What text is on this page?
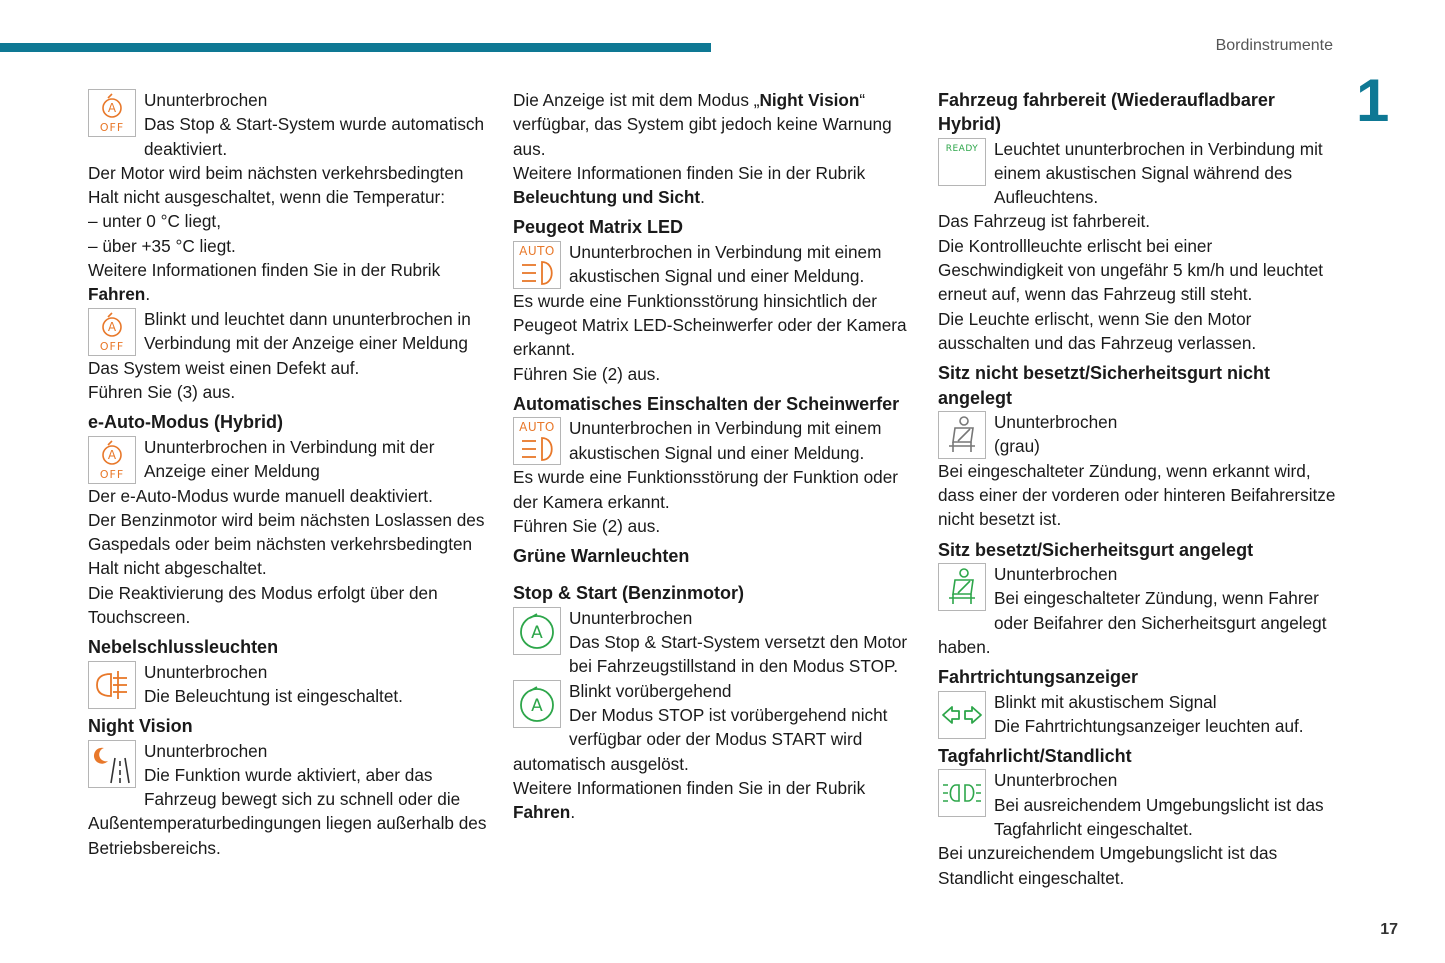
Bordinstrumente
1
17
A
OFF

Ununterbrochen

Das Stop & Start-System wurde automatisch deaktiviert.

Der Motor wird beim nächsten verkehrsbedingten Halt nicht ausgeschaltet, wenn die Temperatur:

– unter 0 °C liegt,

– über +35 °C liegt.

Weitere Informationen finden Sie in der Rubrik Fahren.

A
OFF

Blinkt und leuchtet dann ununterbrochen in Verbindung mit der Anzeige einer Meldung

Das System weist einen Defekt auf.

Führen Sie (3) aus.

e-Auto-Modus (Hybrid)
A
OFF

Ununterbrochen in Verbindung mit der Anzeige einer Meldung

Der e-Auto-Modus wurde manuell deaktiviert.

Der Benzinmotor wird beim nächsten Loslassen des Gaspedals oder beim nächsten verkehrsbedingten Halt nicht abgeschaltet.

Die Reaktivierung des Modus erfolgt über den Touchscreen.

Nebelschlussleuchten

Ununterbrochen

Die Beleuchtung ist eingeschaltet.

Night Vision

Ununterbrochen

Die Funktion wurde aktiviert, aber das Fahrzeug bewegt sich zu schnell oder die Außentemperaturbedingungen liegen außerhalb des Betriebsbereichs.

Die Anzeige ist mit dem Modus „Night Vision“ verfügbar, das System gibt jedoch keine Warnung aus.

Weitere Informationen finden Sie in der Rubrik Beleuchtung und Sicht.

Peugeot Matrix LED
AUTO Ununterbrochen in Verbindung mit einem akustischen Signal und einer Meldung.

Es wurde eine Funktionsstörung hinsichtlich der Peugeot Matrix LED-Scheinwerfer oder der Kamera erkannt.

Führen Sie (2) aus.

Automatisches Einschalten der Scheinwerfer
AUTO Ununterbrochen in Verbindung mit einem akustischen Signal und einer Meldung.

Es wurde eine Funktionsstörung der Funktion oder der Kamera erkannt.

Führen Sie (2) aus.

Grüne Warnleuchten
Stop & Start (Benzinmotor)
A

Ununterbrochen

Das Stop & Start-System versetzt den Motor bei Fahrzeugstillstand in den Modus STOP.

A

Blinkt vorübergehend

Der Modus STOP ist vorübergehend nicht verfügbar oder der Modus START wird automatisch ausgelöst.

Weitere Informationen finden Sie in der Rubrik Fahren.

Fahrzeug fahrbereit (Wiederaufladbarer Hybrid)
READY Leuchtet ununterbrochen in Verbindung mit einem akustischen Signal während des Aufleuchtens.

Das Fahrzeug ist fahrbereit.

Die Kontrollleuchte erlischt bei einer Geschwindigkeit von ungefähr 5 km/h und leuchtet erneut auf, wenn das Fahrzeug still steht.

Die Leuchte erlischt, wenn Sie den Motor ausschalten und das Fahrzeug verlassen.

Sitz nicht besetzt/Sicherheitsgurt nicht angelegt

Ununterbrochen

(grau)

Bei eingeschalteter Zündung, wenn erkannt wird, dass einer der vorderen oder hinteren Beifahrersitze nicht besetzt ist.

Sitz besetzt/Sicherheitsgurt angelegt

Ununterbrochen

Bei eingeschalteter Zündung, wenn Fahrer oder Beifahrer den Sicherheitsgurt angelegt haben.

Fahrtrichtungsanzeiger

Blinkt mit akustischem Signal

Die Fahrtrichtungsanzeiger leuchten auf.

Tagfahrlicht/Standlicht

Ununterbrochen

Bei ausreichendem Umgebungslicht ist das Tagfahrlicht eingeschaltet.

Bei unzureichendem Umgebungslicht ist das Standlicht eingeschaltet.
